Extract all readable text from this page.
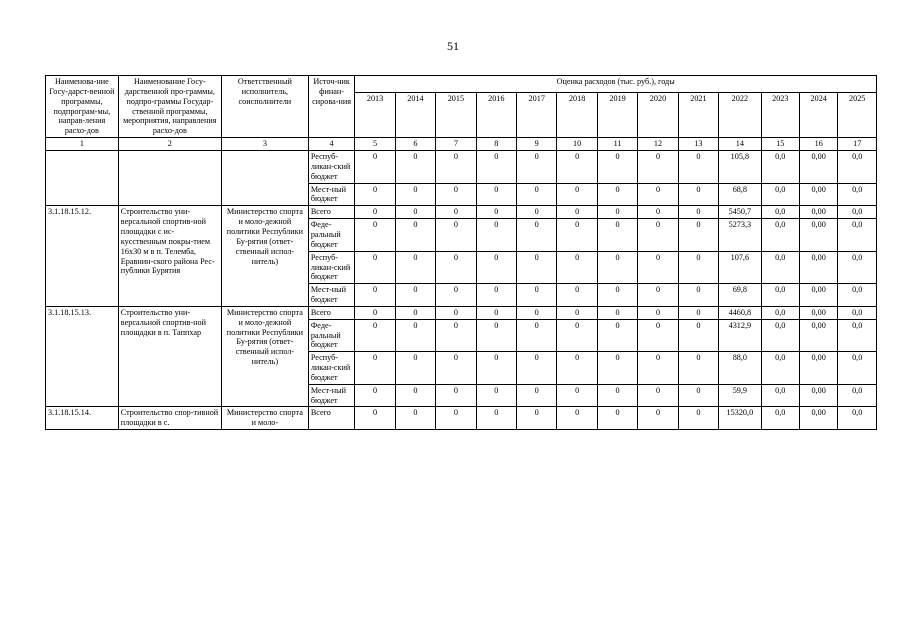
51
Наименова-ние Госу-дарст-венной программы, подпрограм-мы, направ-ления расхо-дов	Наименование Госу-дарственной про-граммы, подпро-граммы Государ-ственной программы, мероприятия, направления расхо-дов	Ответственный исполнитель, соисполнители	Источ-ник финан-сирова-ния	Оценка расходов (тыс. руб.), годы												
				2013	2014	2015	2016	2017	2018	2019	2020	2021	2022	2023	2024	2025
1	2	3	4	5	6	7	8	9	10	11	12	13	14	15	16	17
			Респуб-ликан-ский бюджет	0	0	0	0	0	0	0	0	0	105,8	0,0	0,00	0,0
			Мест-ный бюджет	0	0	0	0	0	0	0	0	0	68,8	0,0	0,00	0,0
3.1.18.15.12.	Строительство уни-версальной спортив-ной площадки с ис-кусственным покры-тием 16x30 м в п. Телемба, Еравнин-ского района Рес-публики Бурятия	Министерство спорта и моло-дежной политики Республики Бу-рятия (ответ-ственный испол-нитель)	Всего	0	0	0	0	0	0	0	0	0	5450,7	0,0	0,00	0,0
			Феде-ральный бюджет	0	0	0	0	0	0	0	0	0	5273,3	0,0	0,00	0,0
			Респуб-ликан-ский бюджет	0	0	0	0	0	0	0	0	0	107,6	0,0	0,00	0,0
			Мест-ный бюджет	0	0	0	0	0	0	0	0	0	69,8	0,0	0,00	0,0
3.1.18.15.13.	Строительство уни-версальной спортив-ной площадки в п. Таппхар	Министерство спорта и моло-дежной политики Республики Бу-рятия (ответ-ственный испол-нитель)	Всего	0	0	0	0	0	0	0	0	0	4460,8	0,0	0,00	0,0
			Феде-ральный бюджет	0	0	0	0	0	0	0	0	0	4312,9	0,0	0,00	0,0
			Респуб-ликан-ский бюджет	0	0	0	0	0	0	0	0	0	88,0	0,0	0,00	0,0
			Мест-ный бюджет	0	0	0	0	0	0	0	0	0	59,9	0,0	0,00	0,0
3.1.18.15.14.	Строительство спор-тивной площадки в с.	Министерство спорта и моло-	Всего	0	0	0	0	0	0	0	0	0	15320,0	0,0	0,00	0,0
